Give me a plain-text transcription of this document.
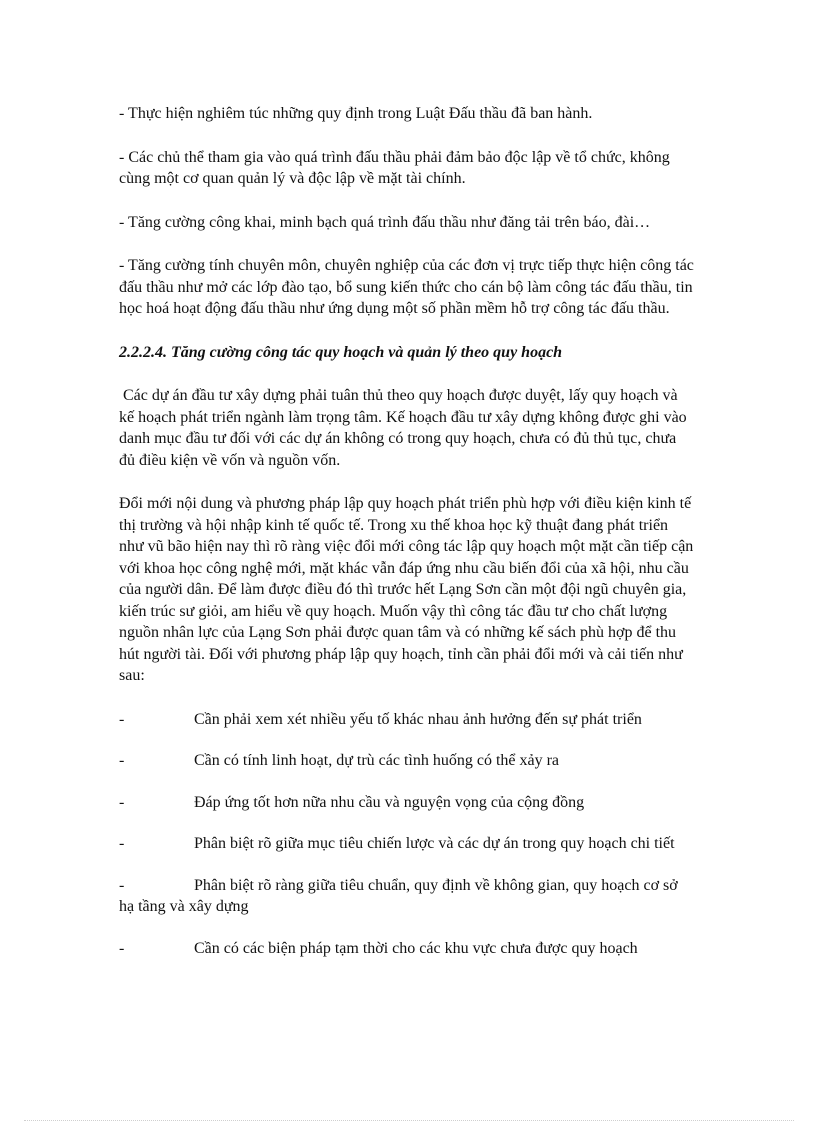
- Thực hiện nghiêm túc những quy định trong Luật Đấu thầu đã ban hành.

- Các chủ thể tham gia vào quá trình đấu thầu phải đảm bảo độc lập về tổ chức, không cùng một cơ quan quản lý và độc lập về mặt tài chính.

- Tăng cường công khai, minh bạch quá trình đấu thầu như đăng tải trên báo, đài…

- Tăng cường tính chuyên môn, chuyên nghiệp của các đơn vị trực tiếp thực hiện công tác đấu thầu như mở các lớp đào tạo, bổ sung kiến thức cho cán bộ làm công tác đấu thầu, tin học hoá hoạt động đấu thầu như ứng dụng một số phần mềm hỗ trợ công tác đấu thầu.

2.2.2.4. Tăng cường công tác quy hoạch và quản lý theo quy hoạch

Các dự án đầu tư xây dựng phải tuân thủ theo quy hoạch được duyệt, lấy quy hoạch và kế hoạch phát triển ngành làm trọng tâm. Kế hoạch đầu tư xây dựng không được ghi vào danh mục đầu tư đối với các dự án không có trong quy hoạch, chưa có đủ thủ tục, chưa đủ điều kiện về vốn và nguồn vốn.

Đổi mới nội dung và phương pháp lập quy hoạch phát triển phù hợp với điều kiện kinh tế thị trường và hội nhập kinh tế quốc tế. Trong xu thế khoa học kỹ thuật đang phát triển như vũ bão hiện nay thì rõ ràng việc đổi mới công tác lập quy hoạch một mặt cần tiếp cận với khoa học công nghệ mới, mặt khác vẫn đáp ứng nhu cầu biến đổi của xã hội, nhu cầu của người dân. Để làm được điều đó thì trước hết Lạng Sơn cần một đội ngũ chuyên gia, kiến trúc sư giỏi, am hiểu về quy hoạch. Muốn vậy thì công tác đầu tư cho chất lượng nguồn nhân lực của Lạng Sơn phải được quan tâm và có những kế sách phù hợp để thu hút người tài. Đối với phương pháp lập quy hoạch, tỉnh cần phải đổi mới và cải tiến như sau:

-	Cần phải xem xét nhiều yếu tố khác nhau ảnh hưởng đến sự phát triển
-	Cần có tính linh hoạt, dự trù các tình huống có thể xảy ra
-	Đáp ứng tốt hơn nữa nhu cầu và nguyện vọng của cộng đồng
-	Phân biệt rõ giữa mục tiêu chiến lược và các dự án trong quy hoạch chi tiết
-	Phân biệt rõ ràng giữa tiêu chuẩn, quy định về không gian, quy hoạch cơ sở hạ tầng và xây dựng
-	Cần có các biện pháp tạm thời cho các khu vực chưa được quy hoạch
